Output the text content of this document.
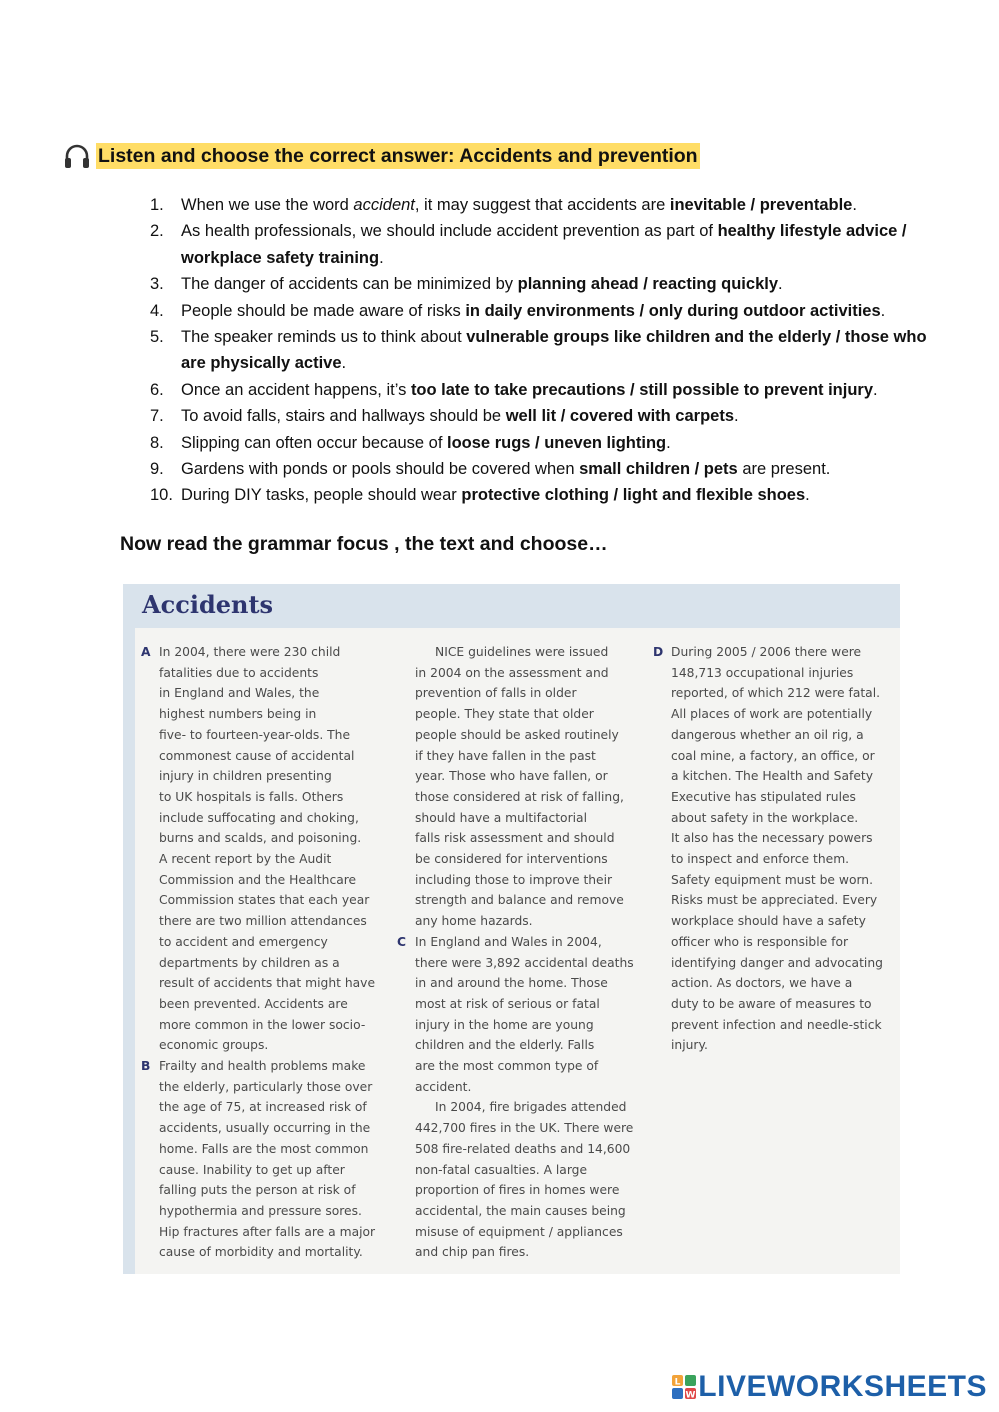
Listen and choose the correct answer: Accidents and prevention
1. When we use the word accident, it may suggest that accidents are inevitable / preventable.
2. As health professionals, we should include accident prevention as part of healthy lifestyle advice / workplace safety training.
3. The danger of accidents can be minimized by planning ahead / reacting quickly.
4. People should be made aware of risks in daily environments / only during outdoor activities.
5. The speaker reminds us to think about vulnerable groups like children and the elderly / those who are physically active.
6. Once an accident happens, it’s too late to take precautions / still possible to prevent injury.
7. To avoid falls, stairs and hallways should be well lit / covered with carpets.
8. Slipping can often occur because of loose rugs / uneven lighting.
9. Gardens with ponds or pools should be covered when small children / pets are present.
10. During DIY tasks, people should wear protective clothing / light and flexible shoes.
Now read the grammar focus , the text and choose…
Accidents
A In 2004, there were 230 child
fatalities due to accidents
in England and Wales, the
highest numbers being in
five- to fourteen-year-olds. The
commonest cause of accidental
injury in children presenting
to UK hospitals is falls. Others
include suffocating and choking,
burns and scalds, and poisoning.
A recent report by the Audit
Commission and the Healthcare
Commission states that each year
there are two million attendances
to accident and emergency
departments by children as a
result of accidents that might have
been prevented. Accidents are
more common in the lower socio-
economic groups.
B Frailty and health problems make
the elderly, particularly those over
the age of 75, at increased risk of
accidents, usually occurring in the
home. Falls are the most common
cause. Inability to get up after
falling puts the person at risk of
hypothermia and pressure sores.
Hip fractures after falls are a major
cause of morbidity and mortality.
NICE guidelines were issued
in 2004 on the assessment and
prevention of falls in older
people. They state that older
people should be asked routinely
if they have fallen in the past
year. Those who have fallen, or
those considered at risk of falling,
should have a multifactorial
falls risk assessment and should
be considered for interventions
including those to improve their
strength and balance and remove
any home hazards.
C In England and Wales in 2004,
there were 3,892 accidental deaths
in and around the home. Those
most at risk of serious or fatal
injury in the home are young
children and the elderly. Falls
are the most common type of
accident.
In 2004, fire brigades attended
442,700 fires in the UK. There were
508 fire-related deaths and 14,600
non-fatal casualties. A large
proportion of fires in homes were
accidental, the main causes being
misuse of equipment / appliances
and chip pan fires.
D During 2005 / 2006 there were
148,713 occupational injuries
reported, of which 212 were fatal.
All places of work are potentially
dangerous whether an oil rig, a
coal mine, a factory, an office, or
a kitchen. The Health and Safety
Executive has stipulated rules
about safety in the workplace.
It also has the necessary powers
to inspect and enforce them.
Safety equipment must be worn.
Risks must be appreciated. Every
workplace should have a safety
officer who is responsible for
identifying danger and advocating
action. As doctors, we have a
duty to be aware of measures to
prevent infection and needle-stick
injury.
L
W LIVEWORKSHEETS
